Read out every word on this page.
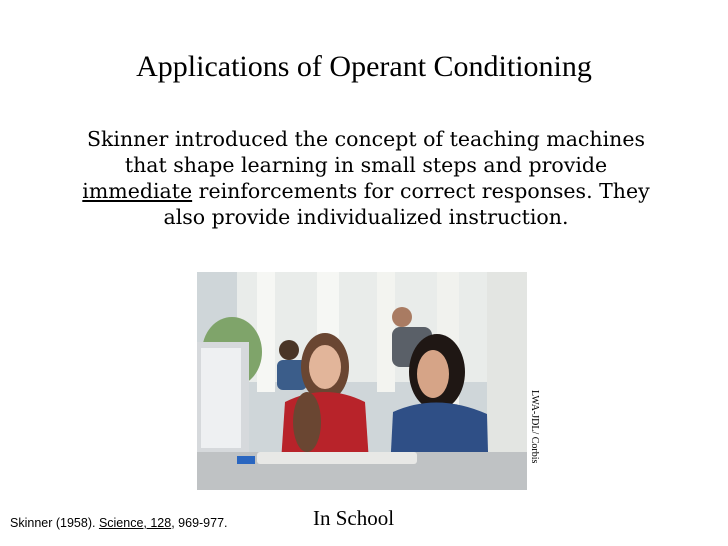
Applications of Operant Conditioning
Skinner introduced the concept of teaching machines that shape learning in small steps and provide immediate reinforcements for correct responses. They also provide individualized instruction.
LWA-JDL/ Corbis
In School
Skinner (1958). Science, 128, 969-977.
